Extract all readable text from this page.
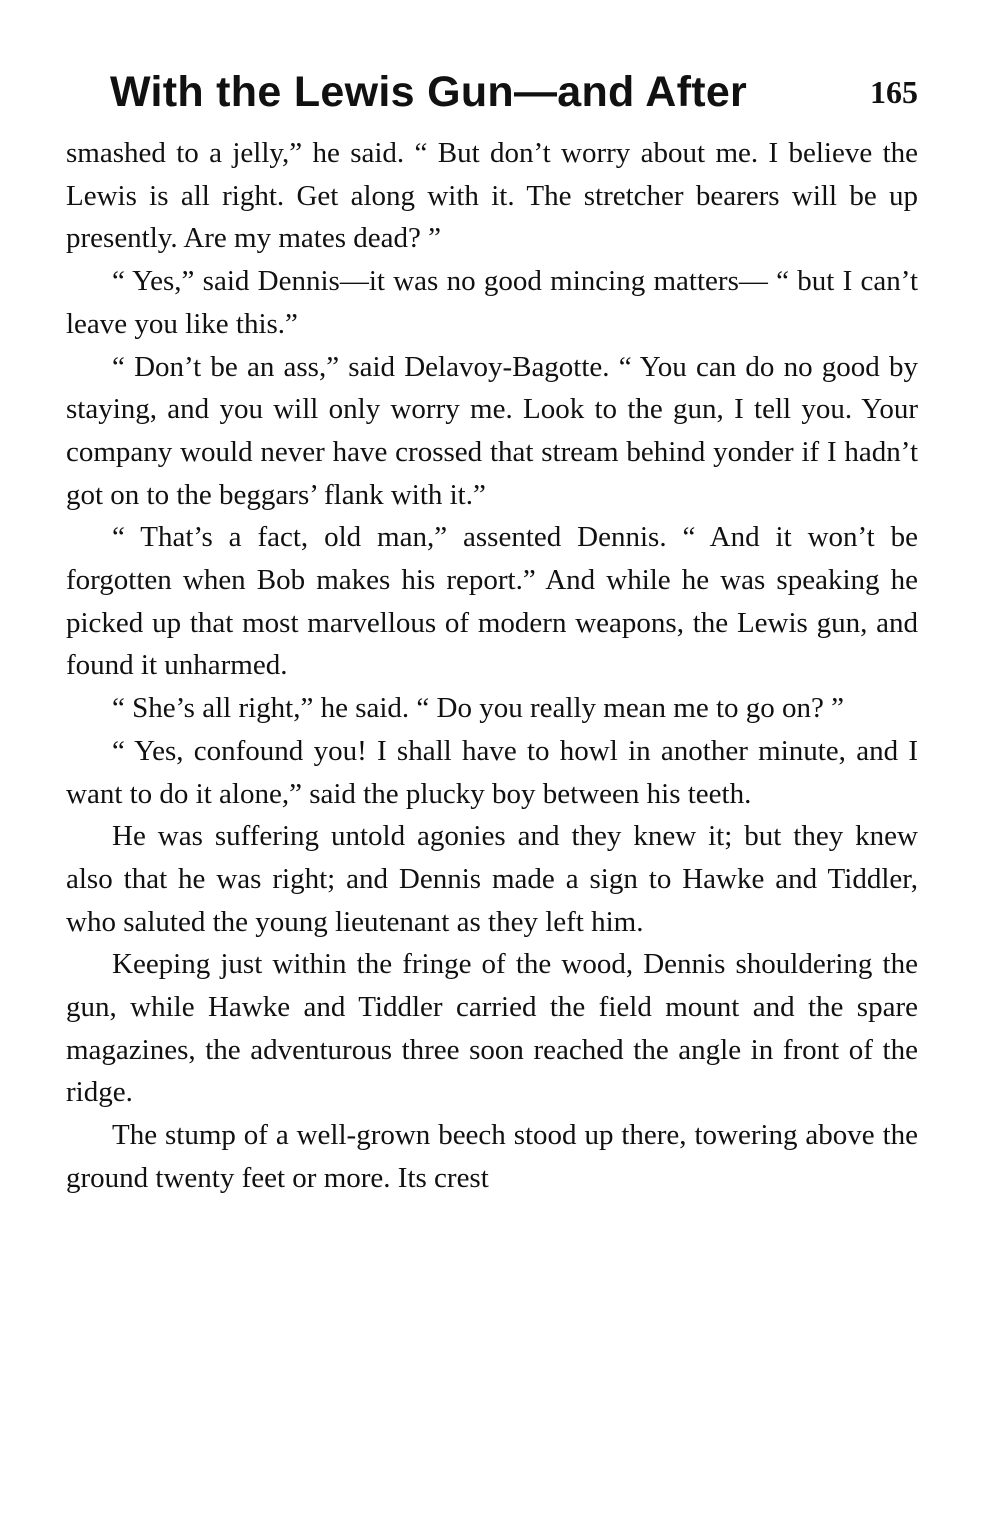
With the Lewis Gun—and After	165

smashed to a jelly,” he said. “ But don’t worry about me. I believe the Lewis is all right. Get along with it. The stretcher bearers will be up presently. Are my mates dead? ”

“ Yes,” said Dennis—it was no good mincing matters— “ but I can’t leave you like this.”

“ Don’t be an ass,” said Delavoy-Bagotte. “ You can do no good by staying, and you will only worry me. Look to the gun, I tell you. Your company would never have crossed that stream behind yonder if I hadn’t got on to the beggars’ flank with it.”

“ That’s a fact, old man,” assented Dennis. “ And it won’t be forgotten when Bob makes his report.” And while he was speaking he picked up that most marvellous of modern weapons, the Lewis gun, and found it unharmed.

“ She’s all right,” he said. “ Do you really mean me to go on? ”

“ Yes, confound you! I shall have to howl in another minute, and I want to do it alone,” said the plucky boy between his teeth.

He was suffering untold agonies and they knew it; but they knew also that he was right; and Dennis made a sign to Hawke and Tiddler, who saluted the young lieutenant as they left him.

Keeping just within the fringe of the wood, Dennis shouldering the gun, while Hawke and Tiddler carried the field mount and the spare magazines, the adventurous three soon reached the angle in front of the ridge.

The stump of a well-grown beech stood up there, towering above the ground twenty feet or more. Its crest
